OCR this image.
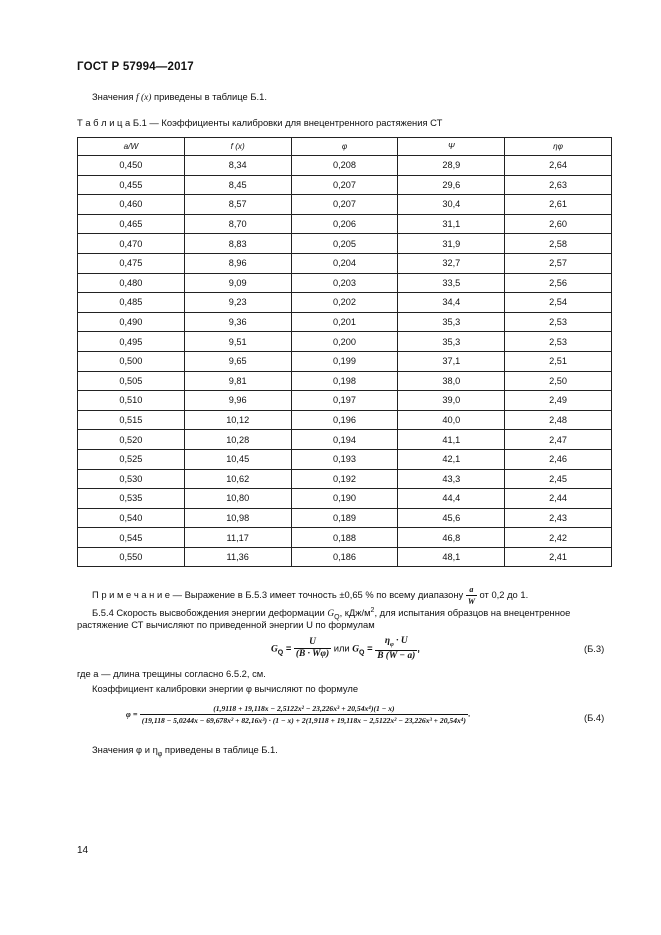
ГОСТ Р 57994—2017
Значения f (x) приведены в таблице Б.1.
Т а б л и ц а Б.1 — Коэффициенты калибровки для внецентренного растяжения СТ
a/W	f (x)	φ	Ψ	ηφ
0,450	8,34	0,208	28,9	2,64
0,455	8,45	0,207	29,6	2,63
0,460	8,57	0,207	30,4	2,61
0,465	8,70	0,206	31,1	2,60
0,470	8,83	0,205	31,9	2,58
0,475	8,96	0,204	32,7	2,57
0,480	9,09	0,203	33,5	2,56
0,485	9,23	0,202	34,4	2,54
0,490	9,36	0,201	35,3	2,53
0,495	9,51	0,200	35,3	2,53
0,500	9,65	0,199	37,1	2,51
0,505	9,81	0,198	38,0	2,50
0,510	9,96	0,197	39,0	2,49
0,515	10,12	0,196	40,0	2,48
0,520	10,28	0,194	41,1	2,47
0,525	10,45	0,193	42,1	2,46
0,530	10,62	0,192	43,3	2,45
0,535	10,80	0,190	44,4	2,44
0,540	10,98	0,189	45,6	2,43
0,545	11,17	0,188	46,8	2,42
0,550	11,36	0,186	48,1	2,41
П р и м е ч а н и е — Выражение в Б.5.3 имеет точность ±0,65 % по всему диапазону $\frac{a}{W}$ от 0,2 до 1.
Б.5.4 Скорость высвобождения энергии деформации $G_Q$, кДж/$м^2$, для испытания образцов на внецентренное
растяжение СТ вычисляют по приведенной энергии U по формулам
$G_Q = \frac{U}{(B \cdot W\varphi)}$ или $G_Q = \frac{\eta_\varphi \cdot U}{B (W - a)}$ ,	(Б.3)
где a — длина трещины согласно 6.5.2, см.
Коэффициент калибровки энергии φ вычисляют по формуле
φ =
(1,9118 + 19,118x − 2,5122x² − 23,226x³ + 20,54x⁴)(1 − x)
(19,118 − 5,0244x − 69,678x² + 82,16x³) · (1 − x) + 2(1,9118 + 19,118x − 2,5122x² − 23,226x³ + 20,54x⁴)
.	(Б.4)
Значения φ и $\eta_\varphi$ приведены в таблице Б.1.
14
